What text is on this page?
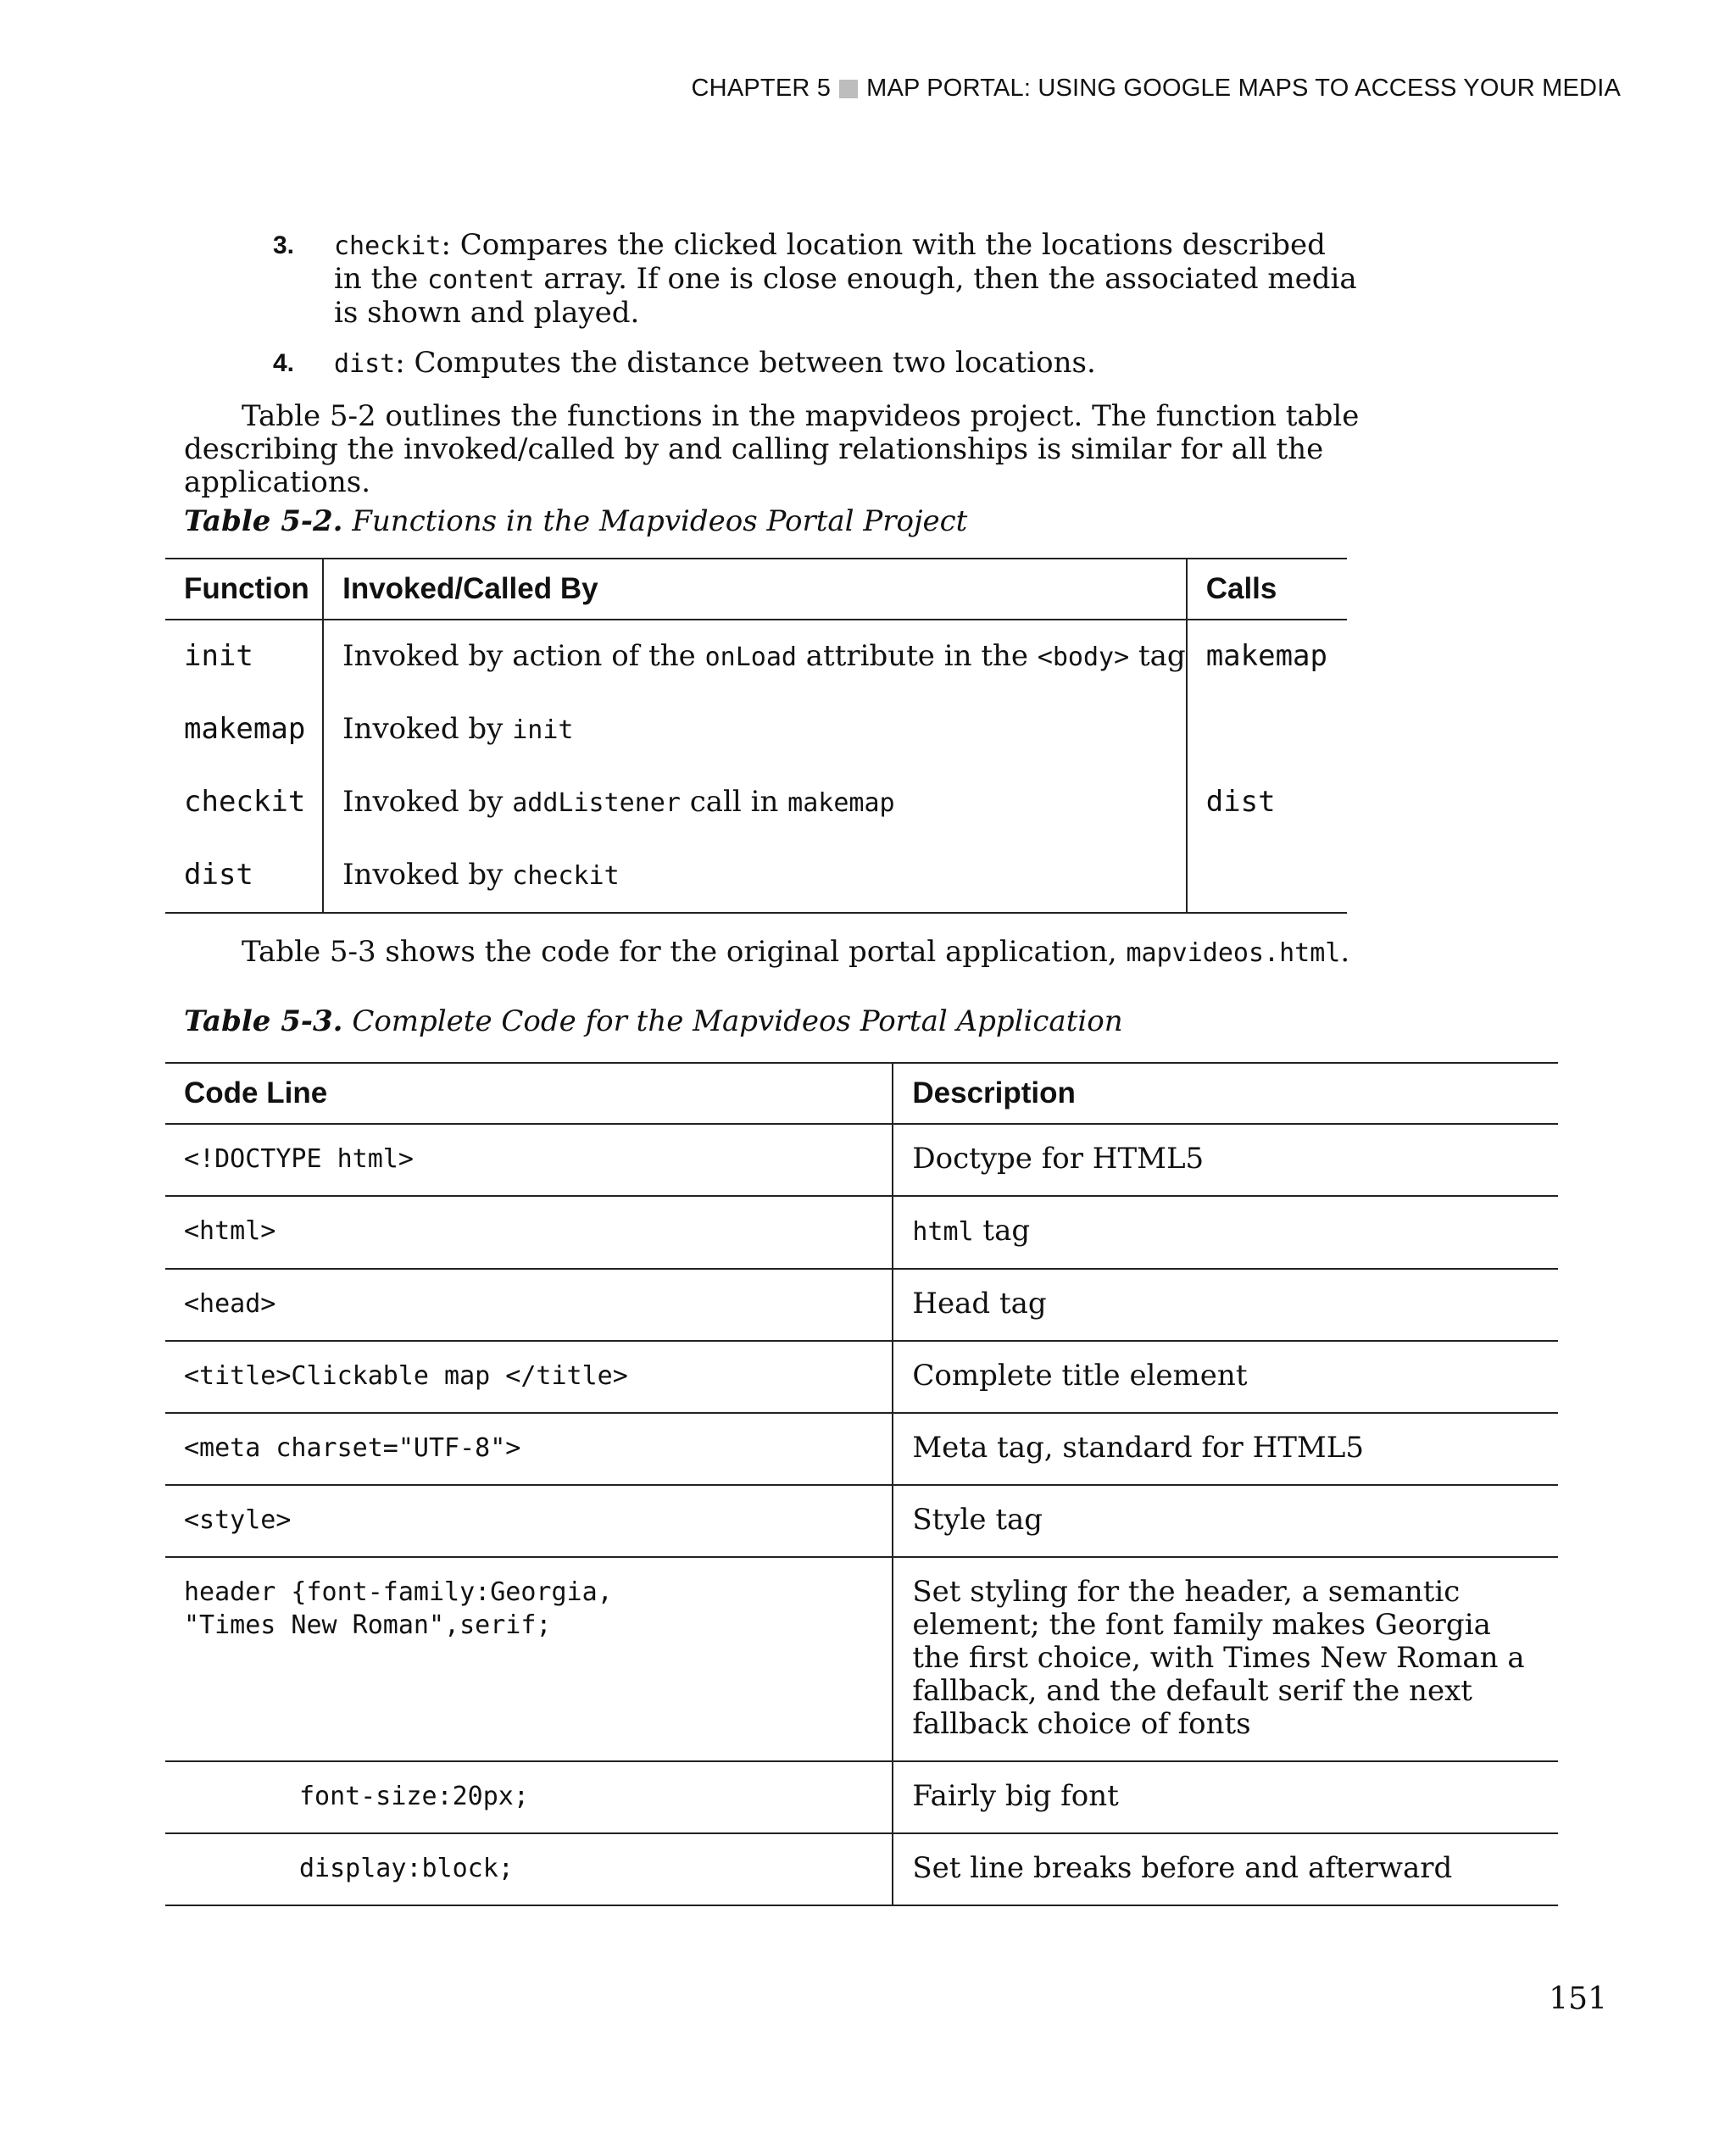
CHAPTER 5 MAP PORTAL: USING GOOGLE MAPS TO ACCESS YOUR MEDIA
3.	checkit: Compares the clicked location with the locations described in the content array. If one is close enough, then the associated media is shown and played.
4.	dist: Computes the distance between two locations.
Table 5-2 outlines the functions in the mapvideos project. The function table describing the invoked/called by and calling relationships is similar for all the applications.
Table 5-2. Functions in the Mapvideos Portal Project
Function	Invoked/Called By	Calls
init	Invoked by action of the onLoad attribute in the <body> tag	makemap
makemap	Invoked by init	
checkit	Invoked by addListener call in makemap	dist
dist	Invoked by checkit	
Table 5-3 shows the code for the original portal application, mapvideos.html.
Table 5-3. Complete Code for the Mapvideos Portal Application
Code Line	Description
<!DOCTYPE html>	Doctype for HTML5
<html>	html tag
<head>	Head tag
<title>Clickable map </title>	Complete title element
<meta charset="UTF-8">	Meta tag, standard for HTML5
<style>	Style tag

header {font-family:Georgia,
"Times New Roman",serif;	Set styling for the header, a semantic element; the font family makes Georgia the first choice, with Times New Roman a fallback, and the default serif the next fallback choice of fonts
font-size:20px;	Fairly big font
display:block;	Set line breaks before and afterward
151
